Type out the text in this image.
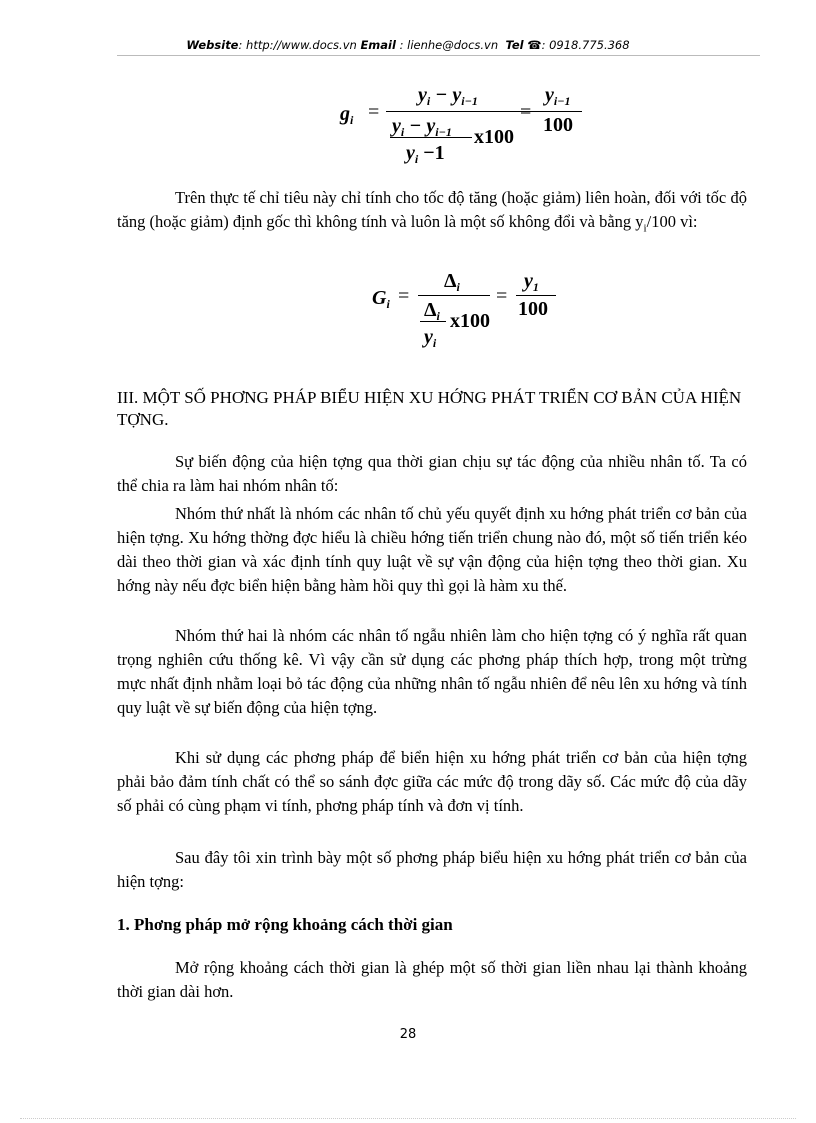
Website: http://www.docs.vn Email : lienhe@docs.vn Tel ☎: 0918.775.368
$g_i$ =
$y_i - y_{i-1}$
$y_i - y_{i-1}$ x100
$y_i -1$
=
$y_{i-1}$
100

Trên thực tế chỉ tiêu này chỉ tính cho tốc độ tăng (hoặc giảm) liên hoàn, đối với tốc độ tăng (hoặc giảm) định gốc thì không tính và luôn là một số không đổi và bằng $y_i/100$ vì:

$G_i$ =
$\Delta_i$
$\Delta_i$ x100
$y_i$
=
$y_1$
100

III. MỘT SỐ PHƠNG PHÁP BIỂU HIỆN XU HỚNG PHÁT TRIỂN CƠ BẢN CỦA HIỆN TỢNG.

Sự biến động của hiện tợng qua thời gian chịu sự tác động của nhiều nhân tố. Ta có thể chia ra làm hai nhóm nhân tố:

Nhóm thứ nhất là nhóm các nhân tố chủ yếu quyết định xu hớng phát triển cơ bản của hiện tợng. Xu hớng thờng đợc hiểu là chiều hớng tiến triển chung nào đó, một số tiến triển kéo dài theo thời gian và xác định tính quy luật về sự vận động của hiện tợng theo thời gian. Xu hớng này nếu đợc biển hiện bằng hàm hồi quy thì gọi là hàm xu thế.

Nhóm thứ hai là nhóm các nhân tố ngẫu nhiên làm cho hiện tợng có ý nghĩa rất quan trọng nghiên cứu thống kê. Vì vậy cần sử dụng các phơng pháp thích hợp, trong một trừng mực nhất định nhằm loại bỏ tác động của những nhân tố ngẫu nhiên để nêu lên xu hớng và tính quy luật về sự biến động của hiện tợng.

Khi sử dụng các phơng pháp để biển hiện xu hớng phát triển cơ bản của hiện tợng phải bảo đảm tính chất có thể so sánh đợc giữa các mức độ trong dãy số. Các mức độ của dãy số phải có cùng phạm vi tính, phơng pháp tính và đơn vị tính.

Sau đây tôi xin trình bày một số phơng pháp biểu hiện xu hớng phát triển cơ bản của hiện tợng:

1. Phơng pháp mở rộng khoảng cách thời gian

Mở rộng khoảng cách thời gian là ghép một số thời gian liền nhau lại thành khoảng thời gian dài hơn.

28
